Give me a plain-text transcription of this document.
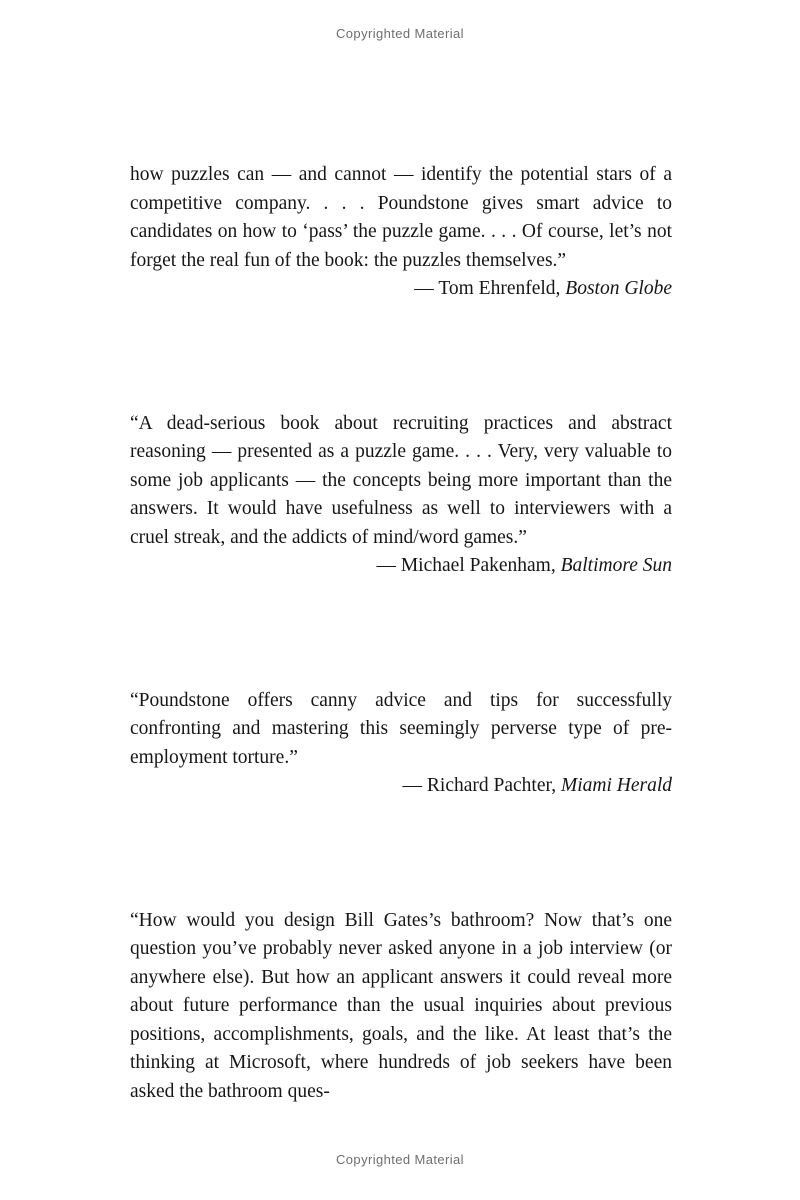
Copyrighted Material

how puzzles can — and cannot — identify the potential stars of a competitive company. . . . Poundstone gives smart advice to candidates on how to ‘pass’ the puzzle game. . . . Of course, let’s not forget the real fun of the book: the puzzles themselves.”
— Tom Ehrenfeld, Boston Globe

“A dead-serious book about recruiting practices and abstract reasoning — presented as a puzzle game. . . . Very, very valuable to some job applicants — the concepts being more important than the answers. It would have usefulness as well to interviewers with a cruel streak, and the addicts of mind/word games.”
— Michael Pakenham, Baltimore Sun

“Poundstone offers canny advice and tips for successfully confronting and mastering this seemingly perverse type of pre-employment torture.”

— Richard Pachter, Miami Herald

“How would you design Bill Gates’s bathroom? Now that’s one question you’ve probably never asked anyone in a job interview (or anywhere else). But how an applicant answers it could reveal more about future performance than the usual inquiries about previous positions, accomplishments, goals, and the like. At least that’s the thinking at Microsoft, where hundreds of job seekers have been asked the bathroom ques-

Copyrighted Material
